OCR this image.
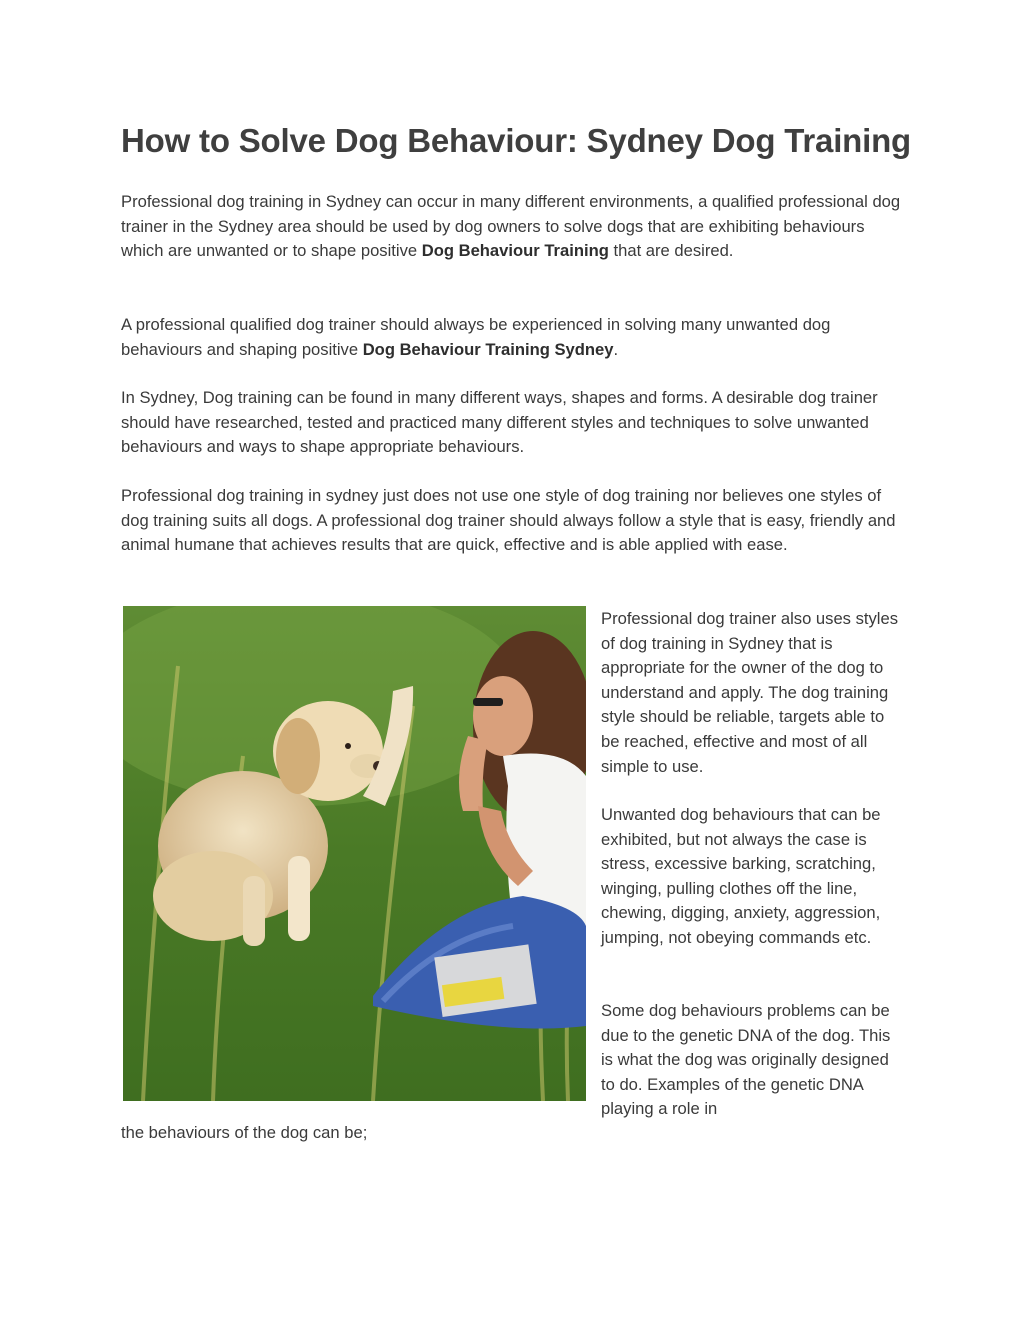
How to Solve Dog Behaviour: Sydney Dog Training

Professional dog training in Sydney can occur in many different environments, a qualified professional dog trainer in the Sydney area should be used by dog owners to solve dogs that are exhibiting behaviours which are unwanted or to shape positive Dog Behaviour Training that are desired.

A professional qualified dog trainer should always be experienced in solving many unwanted dog behaviours and shaping positive Dog Behaviour Training Sydney.

In Sydney, Dog training can be found in many different ways, shapes and forms. A desirable dog trainer should have researched, tested and practiced many different styles and techniques to solve unwanted behaviours and ways to shape appropriate behaviours.

Professional dog training in sydney just does not use one style of dog training nor believes one styles of dog training suits all dogs. A professional dog trainer should always follow a style that is easy, friendly and animal humane that achieves results that are quick, effective and is able applied with ease.

Professional dog trainer also uses styles of dog training in Sydney that is appropriate for the owner of the dog to understand and apply. The dog training style should be reliable, targets able to be reached, effective and most of all simple to use.

Unwanted dog behaviours that can be exhibited, but not always the case is stress, excessive barking, scratching, winging, pulling clothes off the line, chewing, digging, anxiety, aggression, jumping, not obeying commands etc.

Some dog behaviours problems can be due to the genetic DNA of the dog. This is what the dog was originally designed to do. Examples of the genetic DNA playing a role in

the behaviours of the dog can be;
